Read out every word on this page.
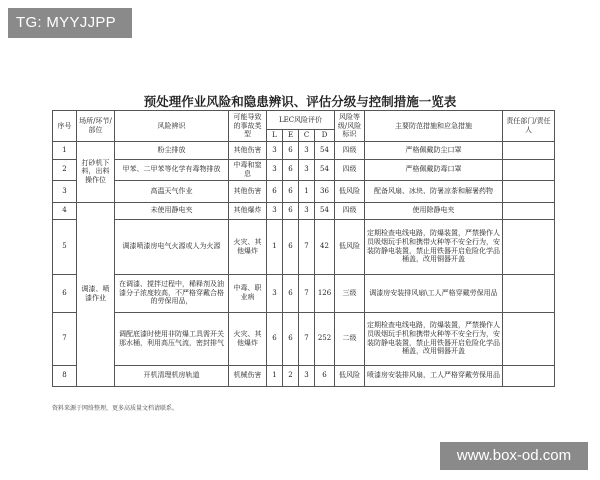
TG: MYYJJPP
预处理作业风险和隐患辨识、评估分级与控制措施一览表
序号	场所/环节/部位	风险辨识	可能导致的事故类型	LEC风险评价				风险等级/风险标识	主要防范措施和应急措施	责任部门/责任人
				L	E	C	D			
1	打砂机下料，出料操作位	粉尘排放	其他伤害	3	6	3	54	四级	严格佩戴防尘口罩	
2		甲苯、二甲苯等化学有毒物排放	中毒和窒息	3	6	3	54	四级	严格佩戴防毒口罩	
3		高温天气作业	其他伤害	6	6	1	36	低风险	配备风扇、冰块、防暑凉茶和解暑药物	
4	调漆、喷漆作业	未使用静电夹	其他爆炸	3	6	3	54	四级	使用除静电夹	
5		调漆喷漆房电气火源或人为火源	火灾、其他爆炸	1	6	7	42	低风险	定期检查电线电路，防爆装置，严禁操作人员吸烟玩手机和携带火种等不安全行为，安装防静电装置，禁止用铁器开启危险化学品桶盖，改用铜器开盖	
6		在调漆、搅拌过程中，稀释剂及油漆分子浓度较高，不严格穿戴合格的劳保用品，	中毒、职业病	3	6	7	126	三级	调漆房安装排风扇\工人严格穿戴劳保用品	
7		调配底漆时使用非防爆工具需开关那水桶，利用高压气流，密封排气	火灾、其他爆炸	6	6	7	252	二级	定期检查电线电路，防爆装置，严禁操作人员吸烟玩手机和携带火种等不安全行为，安装防静电装置，禁止用铁器开启危险化学品桶盖，改用铜器开盖	
8		开机清理机房轨道	机械伤害	1	2	3	6	低风险	喷漆房安装排风扇，工人严格穿戴劳保用品	
资料来源于网络整理，更多高质量文档请联系。
www.box-od.com
